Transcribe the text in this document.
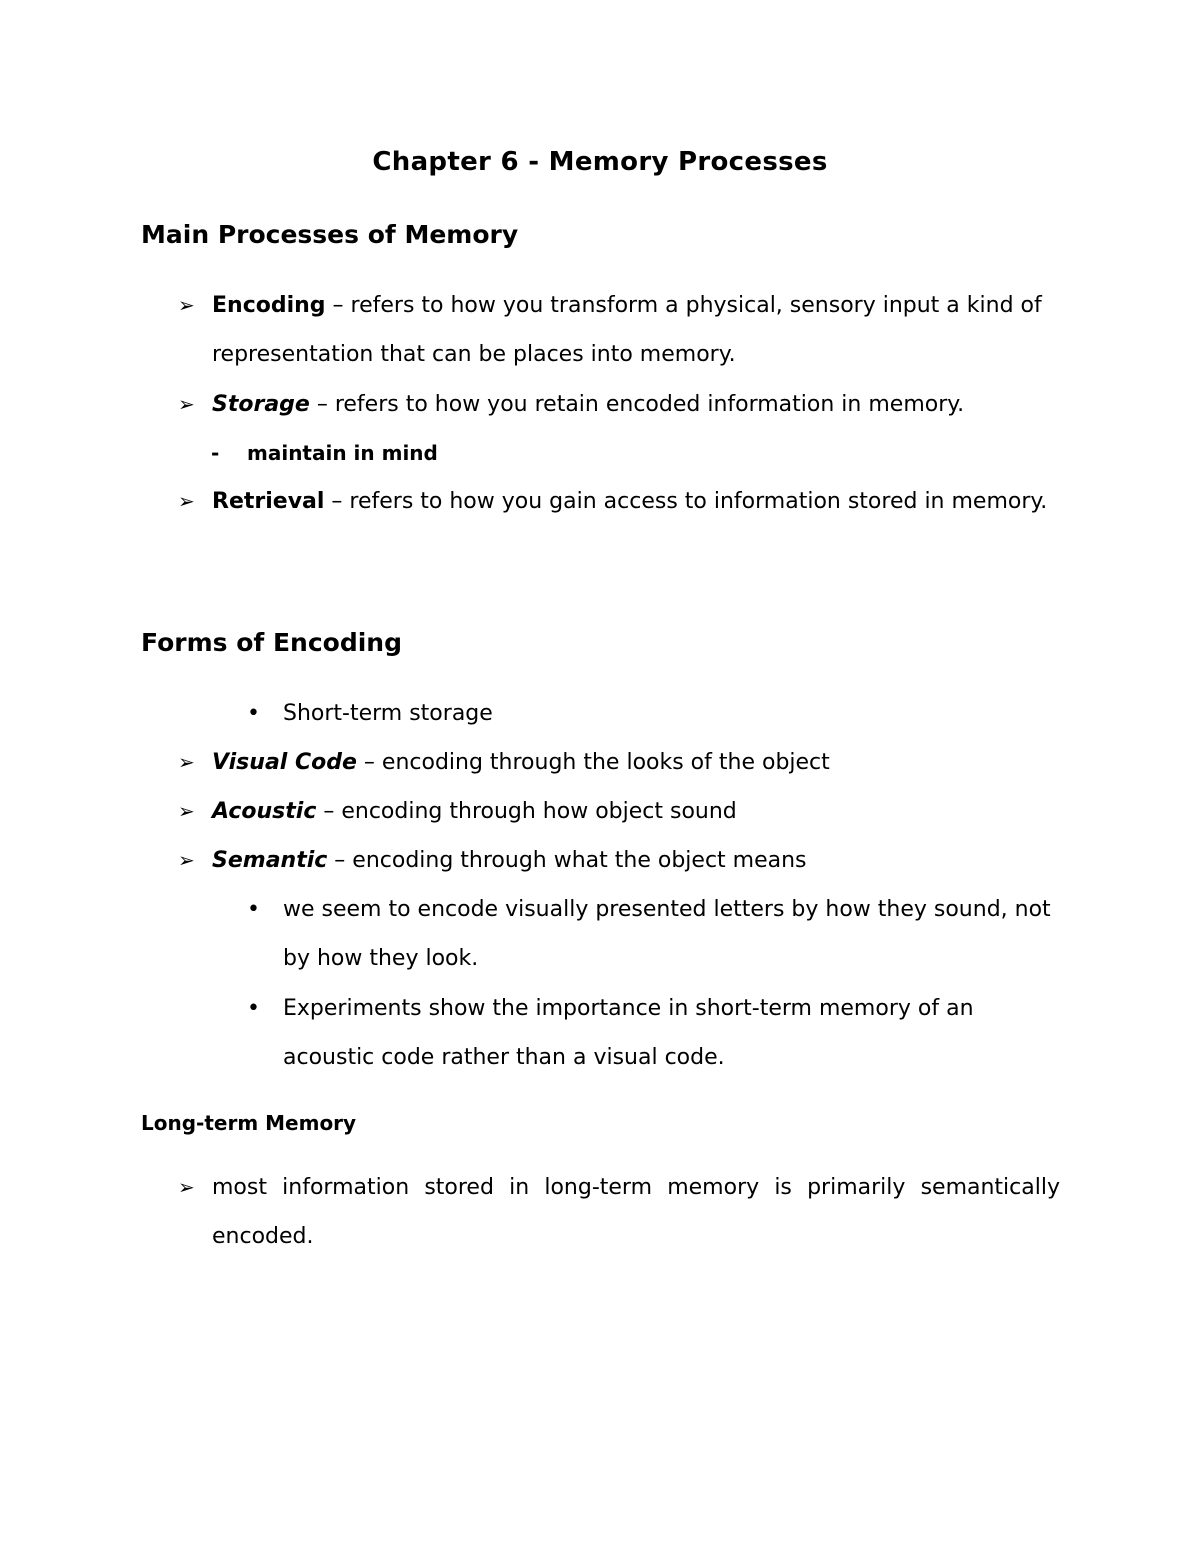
Chapter 6 - Memory Processes
Main Processes of Memory
➢ Encoding – refers to how you transform a physical, sensory input a kind of representation that can be places into memory.
➢ Storage – refers to how you retain encoded information in memory.
- maintain in mind
➢ Retrieval – refers to how you gain access to information stored in memory.
Forms of Encoding
• Short-term storage
➢ Visual Code – encoding through the looks of the object
➢ Acoustic – encoding through how object sound
➢ Semantic – encoding through what the object means
• we seem to encode visually presented letters by how they sound, not by how they look.
• Experiments show the importance in short-term memory of an acoustic code rather than a visual code.
Long-term Memory
➢ most information stored in long-term memory is primarily semantically encoded.
